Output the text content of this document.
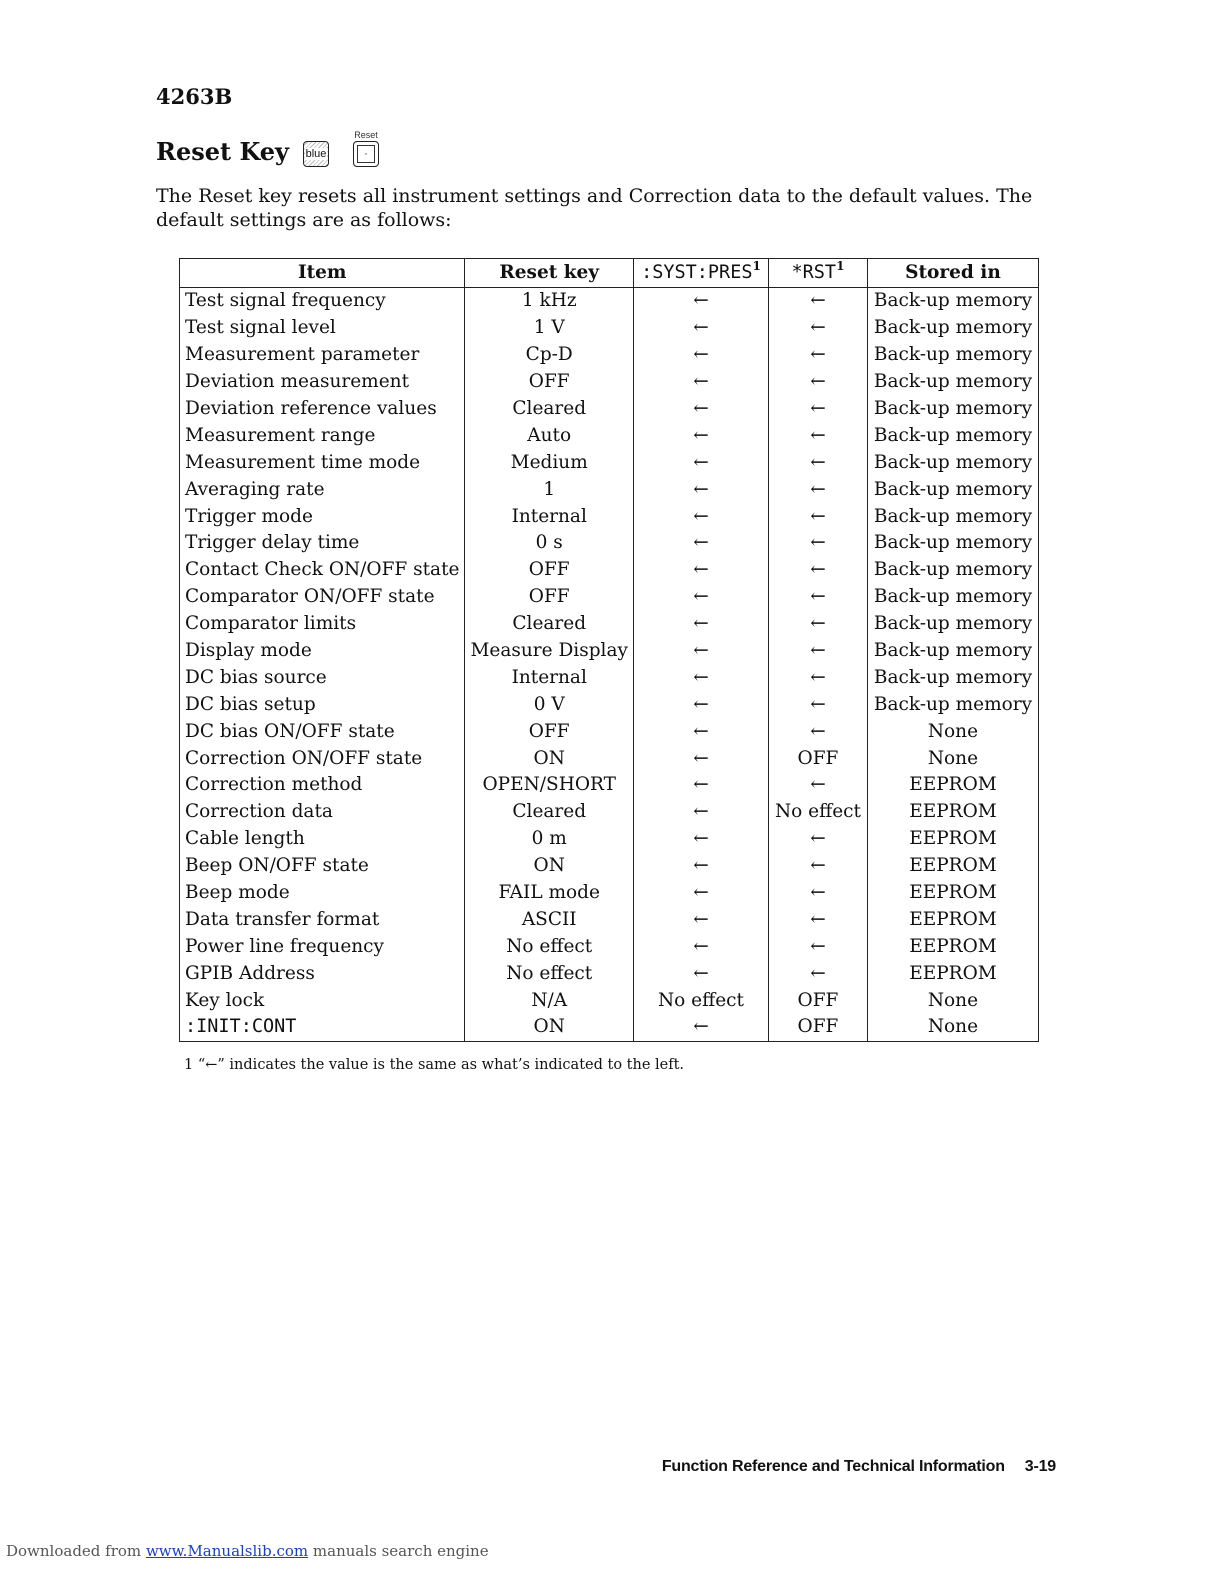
4263B
Reset Key blue
Reset
·
The Reset key resets all instrument settings and Correction data to the default values. The default settings are as follows:
Item	Reset key	:SYST:PRES$^1$	*RST$^1$	Stored in
Test signal frequency	1 kHz	←	←	Back-up memory
Test signal level	1 V	←	←	Back-up memory
Measurement parameter	Cp-D	←	←	Back-up memory
Deviation measurement	OFF	←	←	Back-up memory
Deviation reference values	Cleared	←	←	Back-up memory
Measurement range	Auto	←	←	Back-up memory
Measurement time mode	Medium	←	←	Back-up memory
Averaging rate	1	←	←	Back-up memory
Trigger mode	Internal	←	←	Back-up memory
Trigger delay time	0 s	←	←	Back-up memory
Contact Check ON/OFF state	OFF	←	←	Back-up memory
Comparator ON/OFF state	OFF	←	←	Back-up memory
Comparator limits	Cleared	←	←	Back-up memory
Display mode	Measure Display	←	←	Back-up memory
DC bias source	Internal	←	←	Back-up memory
DC bias setup	0 V	←	←	Back-up memory
DC bias ON/OFF state	OFF	←	←	None
Correction ON/OFF state	ON	←	OFF	None
Correction method	OPEN/SHORT	←	←	EEPROM
Correction data	Cleared	←	No effect	EEPROM
Cable length	0 m	←	←	EEPROM
Beep ON/OFF state	ON	←	←	EEPROM
Beep mode	FAIL mode	←	←	EEPROM
Data transfer format	ASCII	←	←	EEPROM
Power line frequency	No effect	←	←	EEPROM
GPIB Address	No effect	←	←	EEPROM
Key lock	N/A	No effect	OFF	None
:INIT:CONT	ON	←	OFF	None
1 “←” indicates the value is the same as what’s indicated to the left.
Function Reference and Technical Information 3-19
Downloaded from www.Manualslib.com manuals search engine
